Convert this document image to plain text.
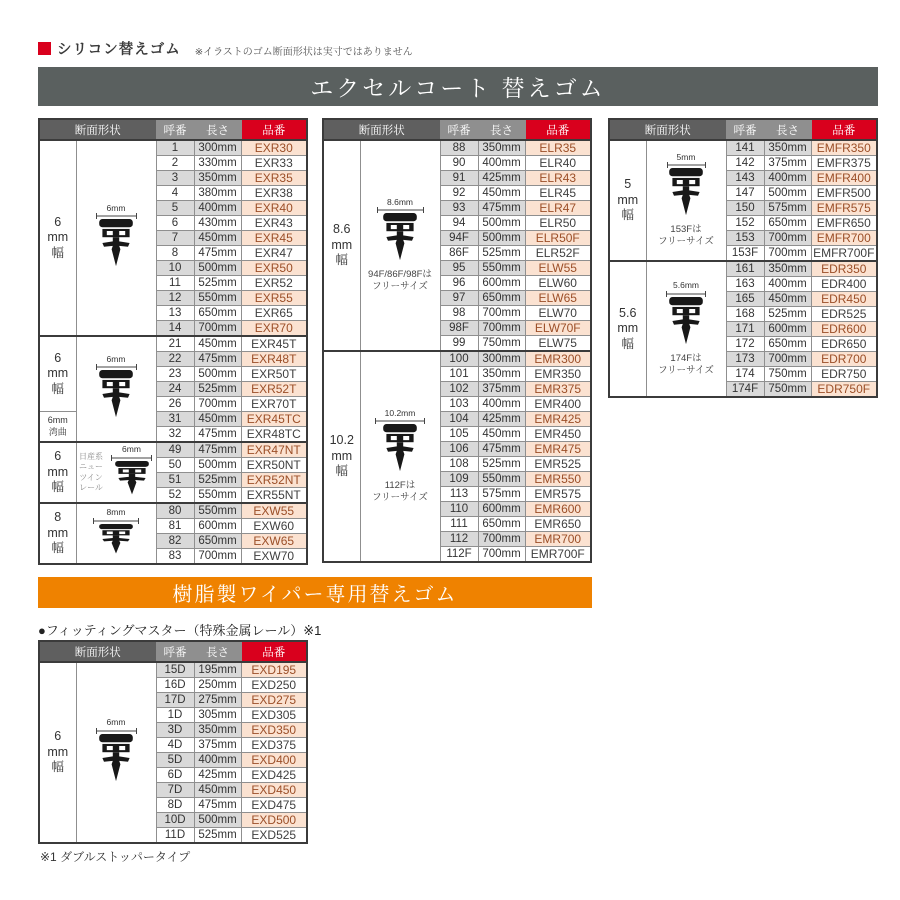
シリコン替えゴム ※イラストのゴム断面形状は実寸ではありません
エクセルコート 替えゴム
断面形状		呼番	長さ	品番

6
mm
幅	6mm	1	300mm	EXR30
		2	330mm	EXR33
		3	350mm	EXR35
		4	380mm	EXR38
		5	400mm	EXR40
		6	430mm	EXR43
		7	450mm	EXR45
		8	475mm	EXR47
		10	500mm	EXR50
		11	525mm	EXR52
		12	550mm	EXR55
		13	650mm	EXR65
		14	700mm	EXR70

6
mm
幅	6mm	21	450mm	EXR45T
		22	475mm	EXR48T
		23	500mm	EXR50T
		24	525mm	EXR52T
		26	700mm	EXR70T

6mm
湾曲		31	450mm	EXR45TC
		32	475mm	EXR48TC

6
mm
幅

日産系ニュー
ツインレール
6mm	49	475mm	EXR47NT
		50	500mm	EXR50NT
		51	525mm	EXR52NT
		52	550mm	EXR55NT

8
mm
幅	8mm	80	550mm	EXW55
		81	600mm	EXW60
		82	650mm	EXW65
		83	700mm	EXW70
断面形状		呼番	長さ	品番

8.6
mm
幅

8.6mm
94F/86F/98Fは
フリーサイズ
	88	350mm	ELR35
		90	400mm	ELR40
		91	425mm	ELR43
		92	450mm	ELR45
		93	475mm	ELR47
		94	500mm	ELR50
		94F	500mm	ELR50F
		86F	525mm	ELR52F
		95	550mm	ELW55
		96	600mm	ELW60
		97	650mm	ELW65
		98	700mm	ELW70
		98F	700mm	ELW70F
		99	750mm	ELW75

10.2
mm
幅

10.2mm
112Fは
フリーサイズ
	100	300mm	EMR300
		101	350mm	EMR350
		102	375mm	EMR375
		103	400mm	EMR400
		104	425mm	EMR425
		105	450mm	EMR450
		106	475mm	EMR475
		108	525mm	EMR525
		109	550mm	EMR550
		113	575mm	EMR575
		110	600mm	EMR600
		111	650mm	EMR650
		112	700mm	EMR700
		112F	700mm	EMR700F
断面形状		呼番	長さ	品番

5
mm
幅

5mm
153Fは
フリーサイズ
	141	350mm	EMFR350
		142	375mm	EMFR375
		143	400mm	EMFR400
		147	500mm	EMFR500
		150	575mm	EMFR575
		152	650mm	EMFR650
		153	700mm	EMFR700
		153F	700mm	EMFR700F

5.6
mm
幅

5.6mm
174Fは
フリーサイズ
	161	350mm	EDR350
		163	400mm	EDR400
		165	450mm	EDR450
		168	525mm	EDR525
		171	600mm	EDR600
		172	650mm	EDR650
		173	700mm	EDR700
		174	750mm	EDR750
		174F	750mm	EDR750F
樹脂製ワイパー専用替えゴム
●フィッティングマスター（特殊金属レール）※1
断面形状		呼番	長さ	品番

6
mm
幅	6mm	15D	195mm	EXD195
		16D	250mm	EXD250
		17D	275mm	EXD275
		1D	305mm	EXD305
		3D	350mm	EXD350
		4D	375mm	EXD375
		5D	400mm	EXD400
		6D	425mm	EXD425
		7D	450mm	EXD450
		8D	475mm	EXD475
		10D	500mm	EXD500
		11D	525mm	EXD525
※1 ダブルストッパータイプ
